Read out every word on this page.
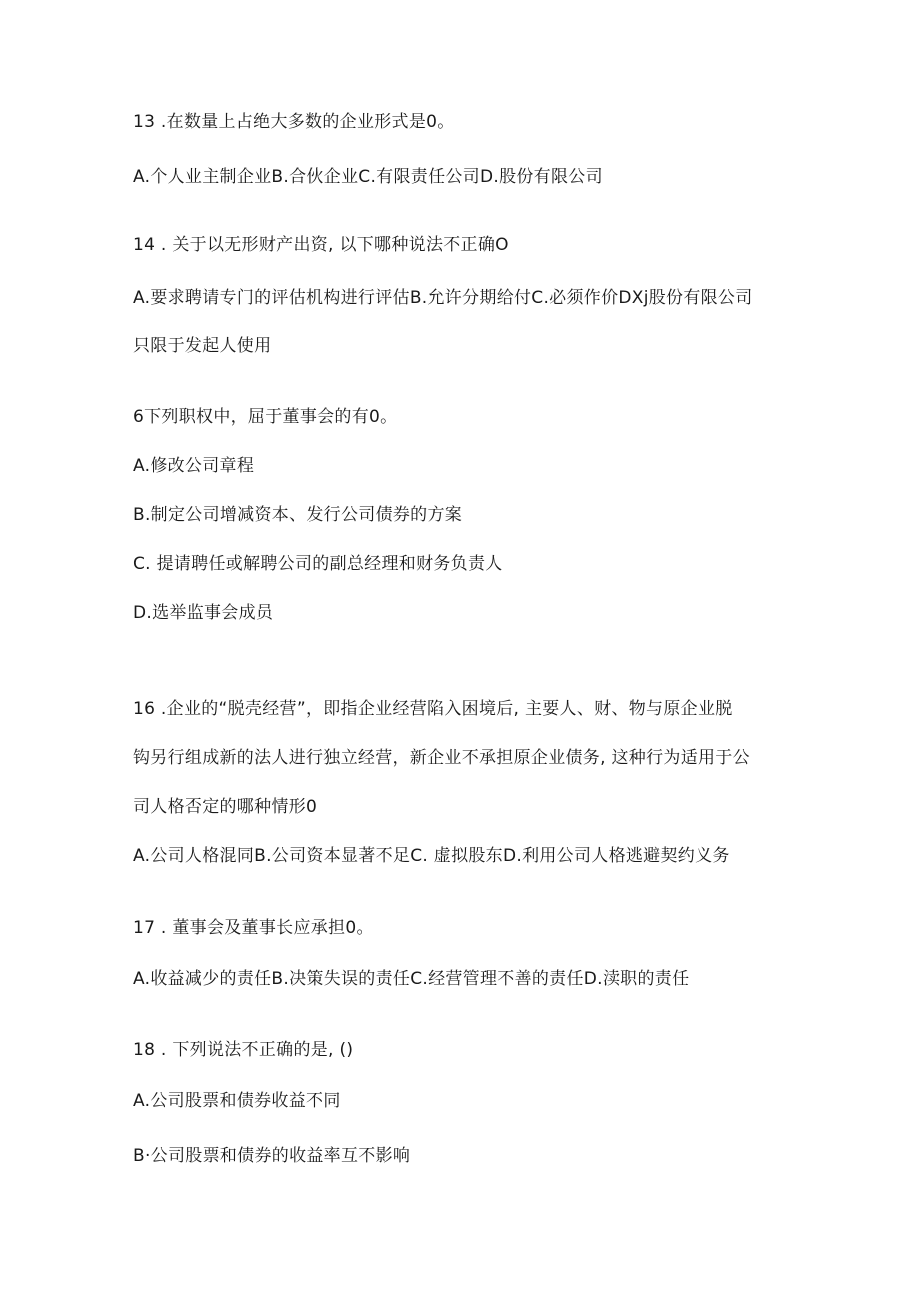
13 .在数量上占绝大多数的企业形式是0。
A.个人业主制企业B.合伙企业C.有限责任公司D.股份有限公司
14 . 关于以无形财产出资, 以下哪种说法不正确O
A.要求聘请专门的评估机构进行评估B.允许分期给付C.必须作价DXj股份有限公司
只限于发起人使用
6下列职权中，屈于董事会的有0。
A.修改公司章程
B.制定公司增减资本、发行公司债券的方案
C. 提请聘任或解聘公司的副总经理和财务负责人
D.选举监事会成员
16 .企业的“脱壳经营”，即指企业经营陷入困境后, 主要人、财、物与原企业脱
钩另行组成新的法人进行独立经营，新企业不承担原企业债务, 这种行为适用于公
司人格否定的哪种情形0
A.公司人格混同B.公司资本显著不足C. 虚拟股东D.利用公司人格逃避契约义务
17 . 董事会及董事长应承担0。
A.收益减少的责任B.决策失误的责任C.经营管理不善的责任D.渎职的责任
18 . 下列说法不正确的是, ()
A.公司股票和债券收益不同
B·公司股票和债券的收益率互不影响
